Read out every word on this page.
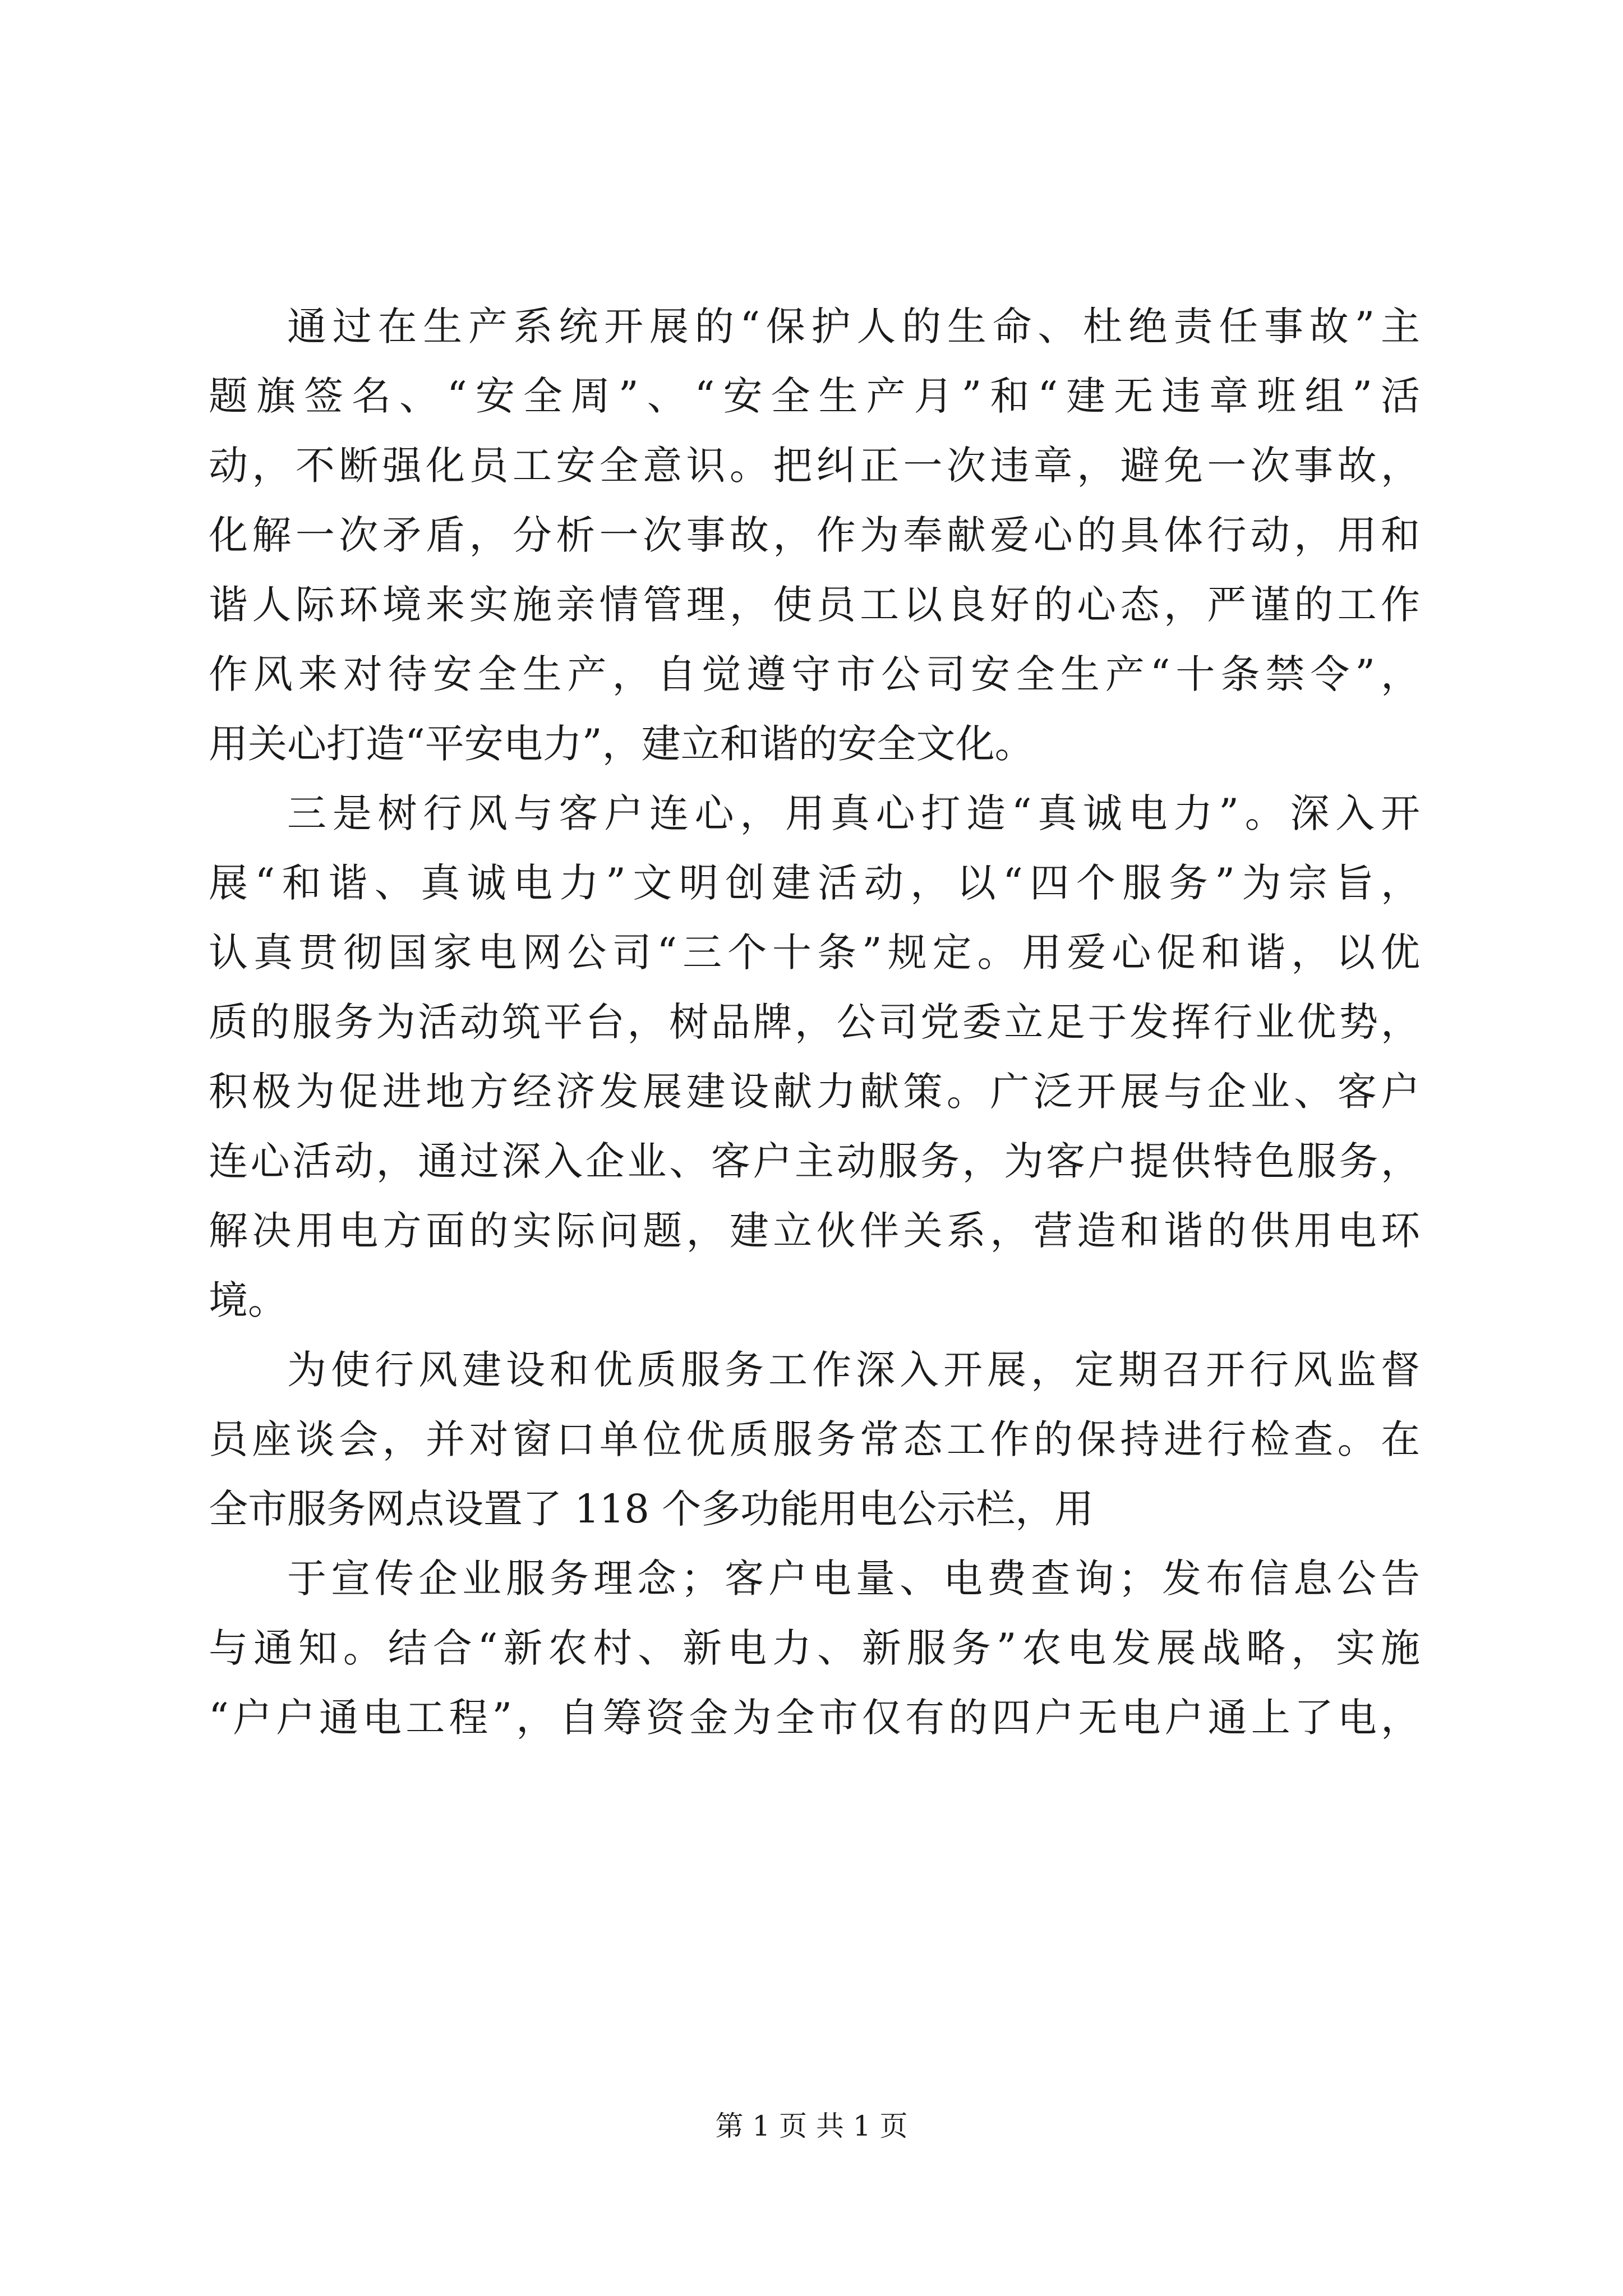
通过在生产系统开展的“保护人的生命、杜绝责任事故”主
题旗签名、“安全周”、“安全生产月”和“建无违章班组”活
动，不断强化员工安全意识。把纠正一次违章，避免一次事故，
化解一次矛盾，分析一次事故，作为奉献爱心的具体行动，用和
谐人际环境来实施亲情管理，使员工以良好的心态，严谨的工作
作风来对待安全生产，自觉遵守市公司安全生产“十条禁令”，
用关心打造“平安电力”，建立和谐的安全文化。
三是树行风与客户连心，用真心打造“真诚电力”。深入开
展“和谐、真诚电力”文明创建活动，以“四个服务”为宗旨，
认真贯彻国家电网公司“三个十条”规定。用爱心促和谐，以优
质的服务为活动筑平台，树品牌，公司党委立足于发挥行业优势，
积极为促进地方经济发展建设献力献策。广泛开展与企业、客户
连心活动，通过深入企业、客户主动服务，为客户提供特色服务，
解决用电方面的实际问题，建立伙伴关系，营造和谐的供用电环
境。
为使行风建设和优质服务工作深入开展，定期召开行风监督
员座谈会，并对窗口单位优质服务常态工作的保持进行检查。在
全市服务网点设置了 118 个多功能用电公示栏，用
于宣传企业服务理念；客户电量、电费查询；发布信息公告
与通知。结合“新农村、新电力、新服务”农电发展战略，实施
“户户通电工程”，自筹资金为全市仅有的四户无电户通上了电，
第 1 页 共 1 页
